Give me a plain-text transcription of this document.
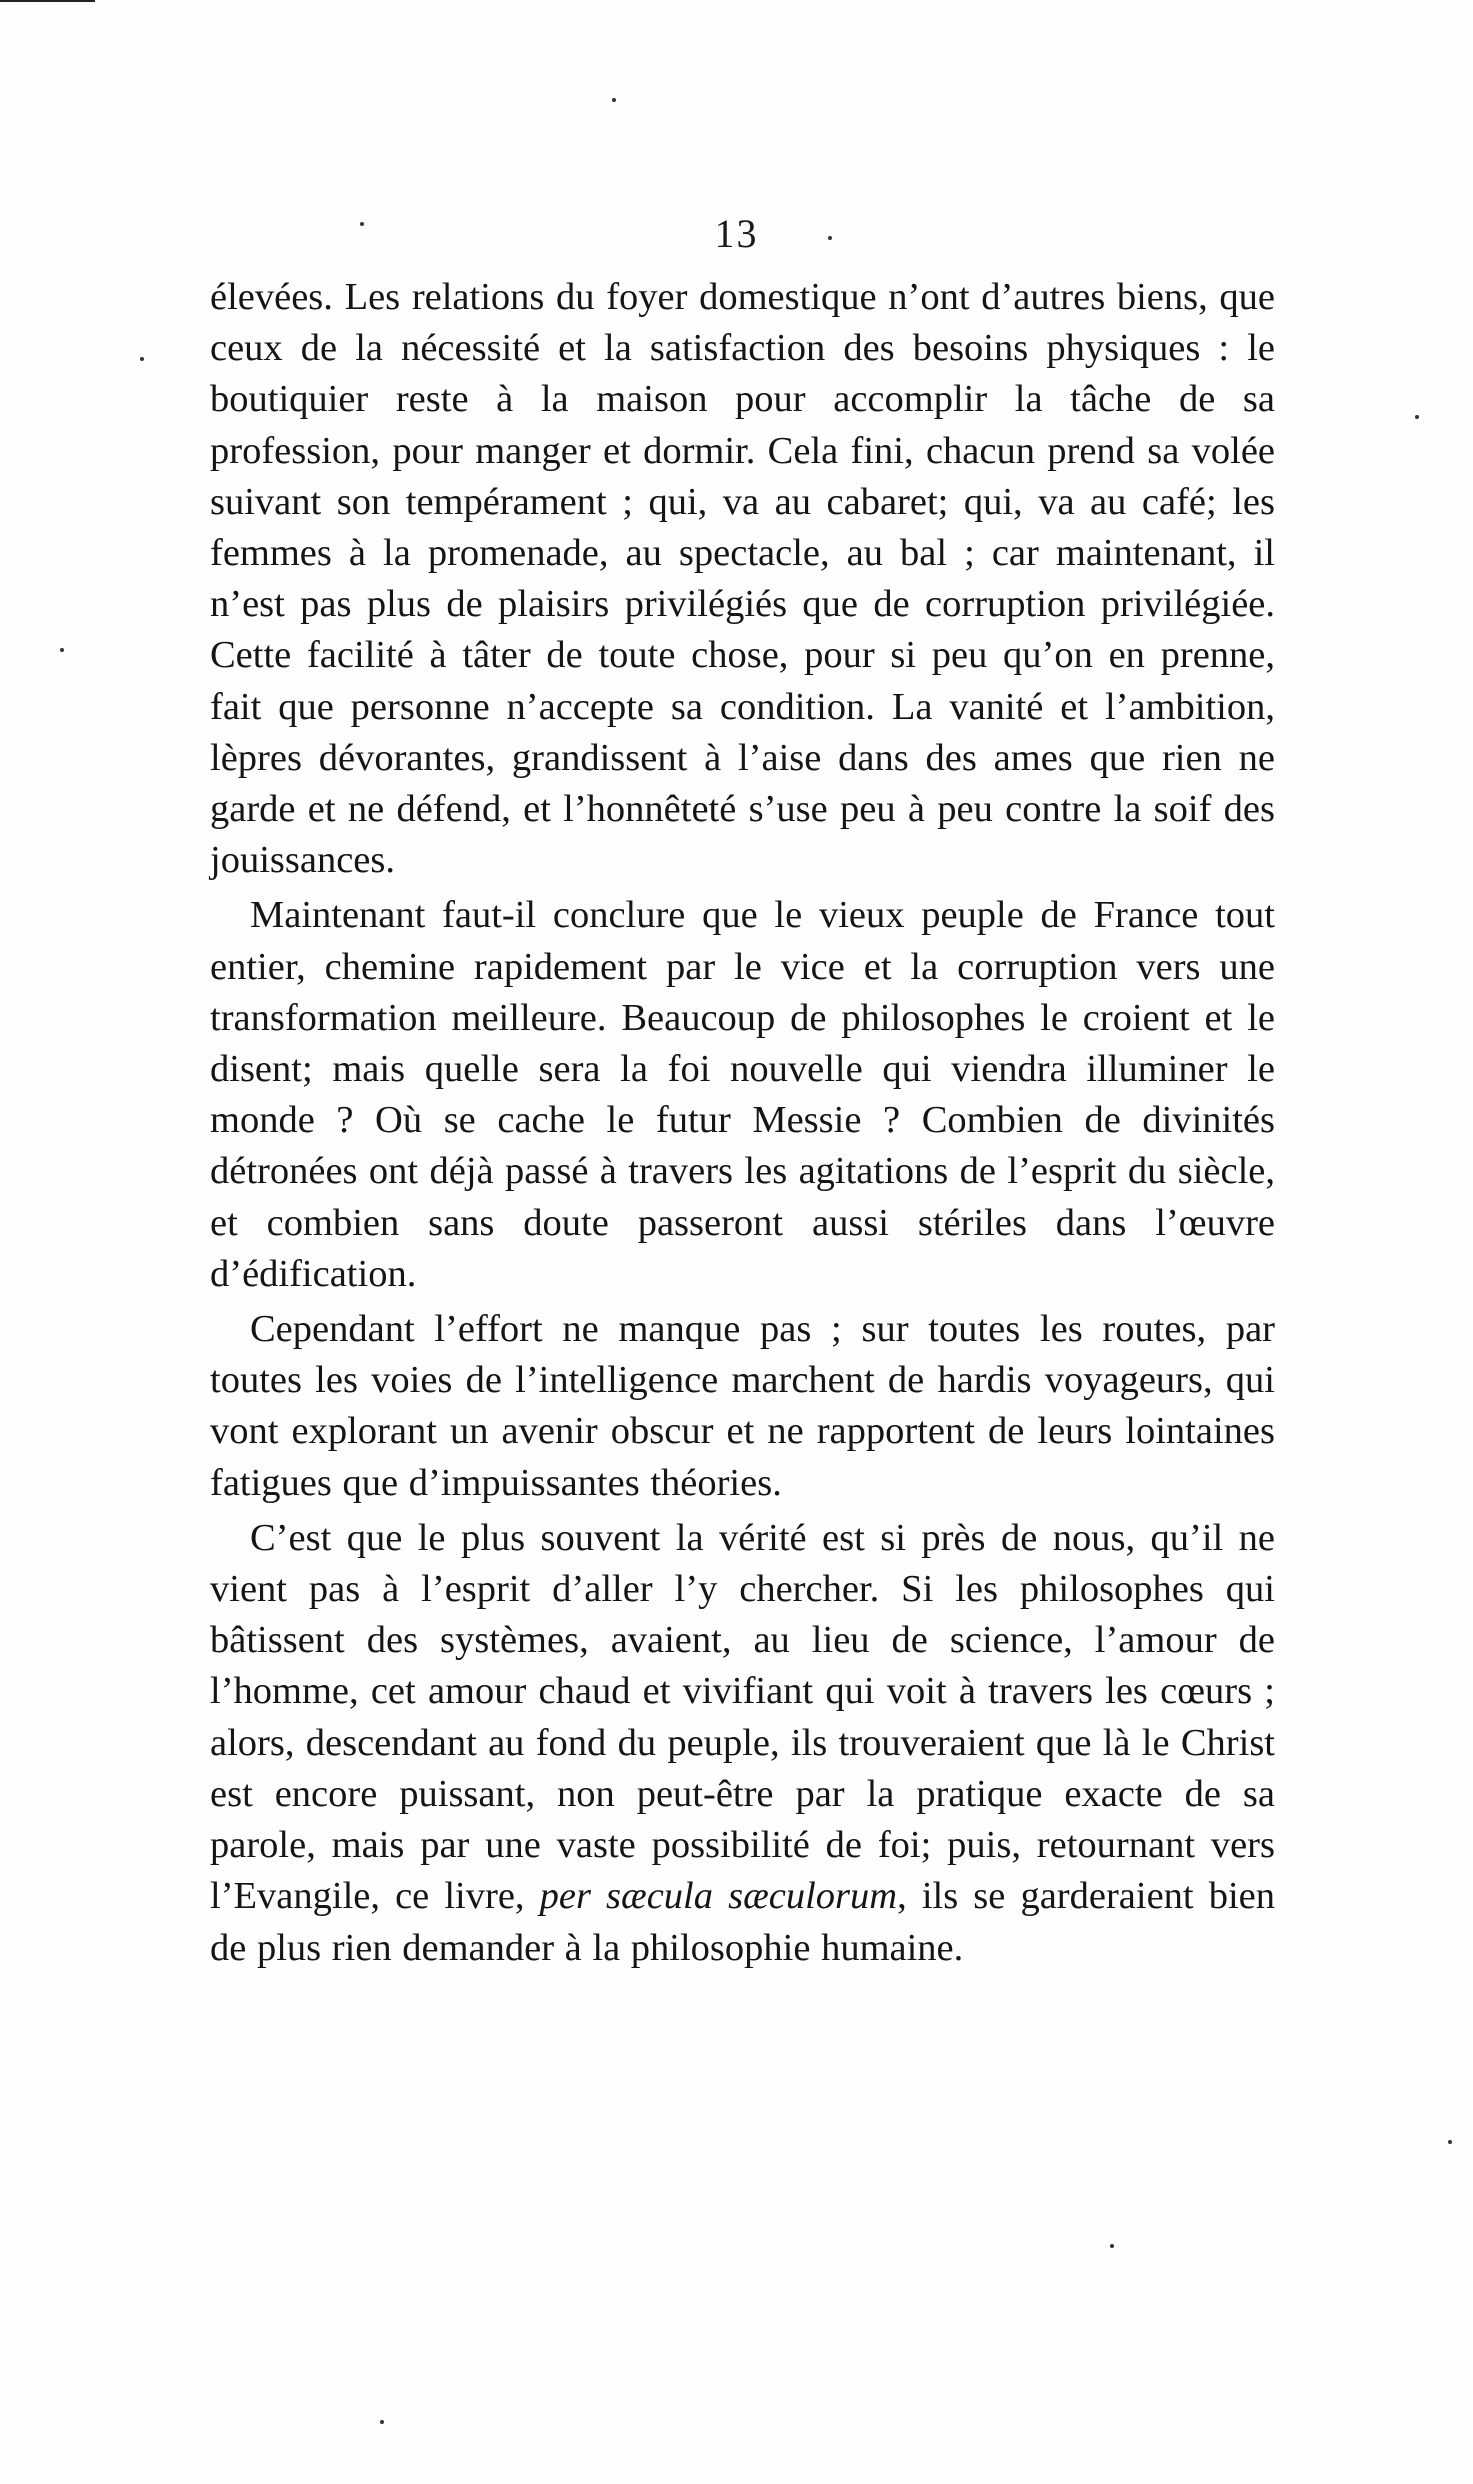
13

élevées. Les relations du foyer domestique n’ont d’autres biens, que ceux de la nécessité et la satisfaction des besoins physiques : le boutiquier reste à la maison pour accomplir la tâche de sa profession, pour manger et dormir. Cela fini, chacun prend sa volée suivant son tempérament ; qui, va au cabaret; qui, va au café; les femmes à la promenade, au spectacle, au bal ; car maintenant, il n’est pas plus de plaisirs privilégiés que de corruption privilégiée. Cette facilité à tâter de toute chose, pour si peu qu’on en prenne, fait que personne n’accepte sa condition. La vanité et l’ambition, lèpres dévorantes, grandissent à l’aise dans des ames que rien ne garde et ne défend, et l’honnêteté s’use peu à peu contre la soif des jouissances.

Maintenant faut-il conclure que le vieux peuple de France tout entier, chemine rapidement par le vice et la corruption vers une transformation meilleure. Beaucoup de philosophes le croient et le disent; mais quelle sera la foi nouvelle qui viendra illuminer le monde ? Où se cache le futur Messie ? Combien de divinités détronées ont déjà passé à travers les agitations de l’esprit du siècle, et combien sans doute passeront aussi stériles dans l’œuvre d’édification.

Cependant l’effort ne manque pas ; sur toutes les routes, par toutes les voies de l’intelligence marchent de hardis voyageurs, qui vont explorant un avenir obscur et ne rapportent de leurs lointaines fatigues que d’impuissantes théories.

C’est que le plus souvent la vérité est si près de nous, qu’il ne vient pas à l’esprit d’aller l’y chercher. Si les philosophes qui bâtissent des systèmes, avaient, au lieu de science, l’amour de l’homme, cet amour chaud et vivifiant qui voit à travers les cœurs ; alors, descendant au fond du peuple, ils trouveraient que là le Christ est encore puissant, non peut-être par la pratique exacte de sa parole, mais par une vaste possibilité de foi; puis, retournant vers l’Evangile, ce livre, per sæcula sæculorum, ils se garderaient bien de plus rien demander à la philosophie humaine.
